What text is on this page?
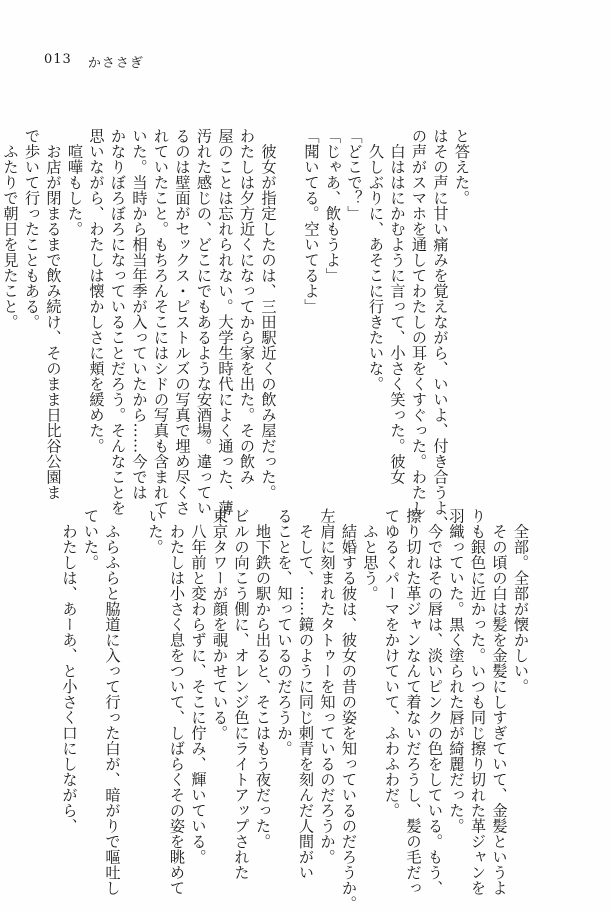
013 かささぎ
と答えた。
はその声に甘い痛みを覚えながら、いいよ、付き合うよ、
の声がスマホを通してわたしの耳をくすぐった。わたし
　白ははにかむように言って、小さく笑った。彼女
　久しぶりに、あそこに行きたいな。
「どこで？」
「じゃあ、飲もうよ」
「聞いてる。空いてるよ」

　彼女が指定したのは、三田駅近くの飲み屋だった。
わたしは夕方近くになってから家を出た。その飲み
屋のことは忘れられない。大学生時代によく通った、薄
汚れた感じの、どこにでもあるような安酒場。違ってい
るのは壁面がセックス・ピストルズの写真で埋め尽くさ
れていたこと。もちろんそこにはシドの写真も含まれて
いた。当時から相当年季が入っていたから……今では
かなりぼろぼろになっていることだろう。そんなことを
思いながら、わたしは懐かしさに頬を緩めた。
　喧嘩もした。
　お店が閉まるまで飲み続け、そのまま日比谷公園ま
で歩いて行ったこともある。
　ふたりで朝日を見たこと。
　全部。全部が懐かしい。
　その頃の白は髪を金髪にしすぎていて、金髪というよ
りも銀色に近かった。いつも同じ擦り切れた革ジャンを
羽織っていた。黒く塗られた唇が綺麗だった。
　今ではその唇は、淡いピンクの色をしている。もう、
擦り切れた革ジャンなんて着ないだろうし、髪の毛だっ
てゆるくパーマをかけていて、ふわふわだ。
　ふと思う。
　結婚する彼は、彼女の昔の姿を知っているのだろうか。
左肩に刻まれたタトゥーを知っているのだろうか。
　そして、……鏡のように同じ刺青を刻んだ人間がい
ることを、知っているのだろうか。
　地下鉄の駅から出ると、そこはもう夜だった。
ビルの向こう側に、オレンジ色にライトアップされた
東京タワーが顔を覗かせている。
　八年前と変わらずに、そこに佇み、輝いている。
　わたしは小さく息をついて、しばらくその姿を眺めて
いた。

　ふらふらと脇道に入って行った白が、暗がりで嘔吐し
ていた。
　わたしは、あーあ、と小さく口にしながら、
